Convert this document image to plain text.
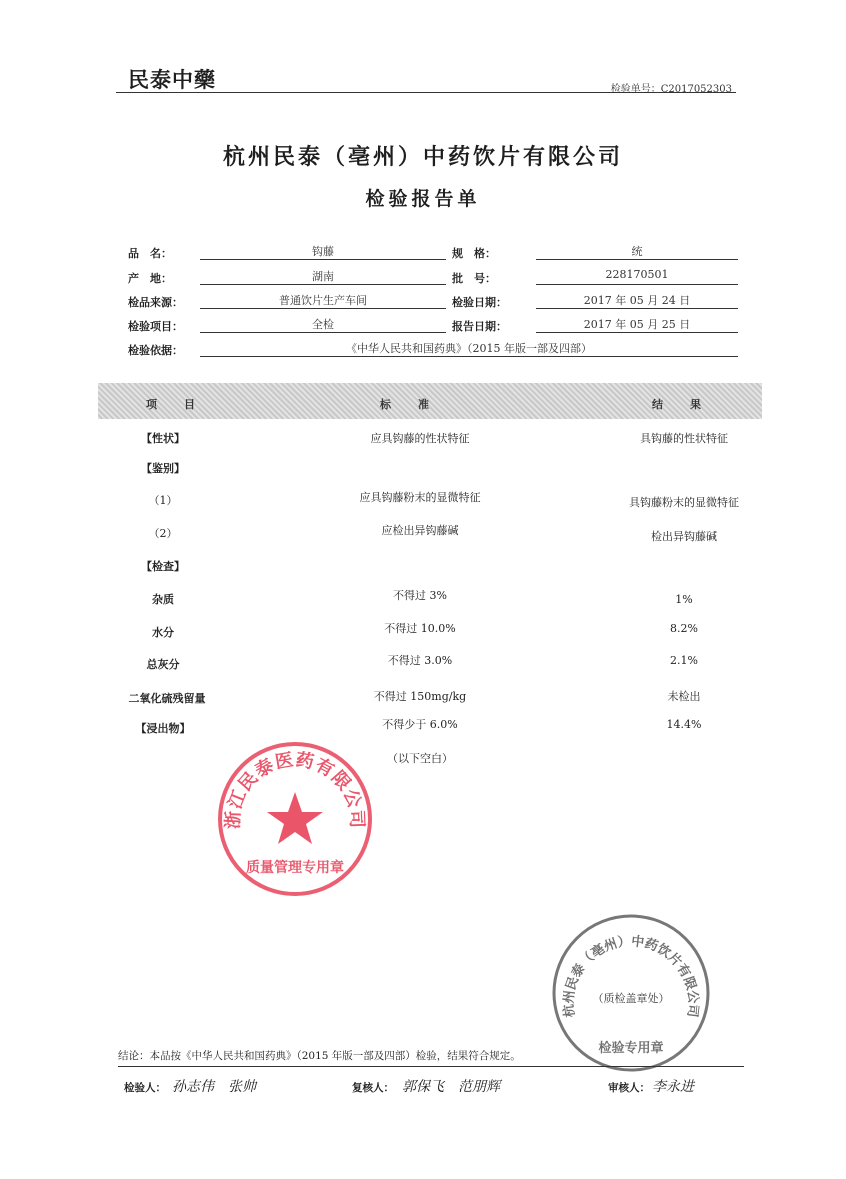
民泰中藥	检验单号：C2017052303
杭州民泰（亳州）中药饮片有限公司
检验报告单
品　名：	钩藤	规　格：	统
产　地：	湖南	批　号：	228170501
检品来源：	普通饮片生产车间	检验日期：	2017 年 05 月 24 日
检验项目：	全检	报告日期：	2017 年 05 月 25 日
检验依据：	《中华人民共和国药典》（2015 年版一部及四部）
项　目	标　准	结　果
【性状】	应具钩藤的性状特征	具钩藤的性状特征
【鉴别】
（1）	应具钩藤粉末的显微特征	具钩藤粉末的显微特征
（2）	应检出异钩藤碱	检出异钩藤碱
【检查】
杂质	不得过 3%	1%
水分	不得过 10.0%	8.2%
总灰分	不得过 3.0%	2.1%
二氧化硫残留量	不得过 150mg/kg	未检出
【浸出物】	不得少于 6.0%	14.4%
（以下空白）
浙江民泰医药有限公司
质量管理专用章
杭州民泰（亳州）中药饮片有限公司
（质检盖章处）
检验专用章
结论：本品按《中华人民共和国药典》（2015 年版一部及四部）检验，结果符合规定。
检验人： 孙志伟　张帅	复核人： 郭保飞　范朋辉	审核人： 李永进
